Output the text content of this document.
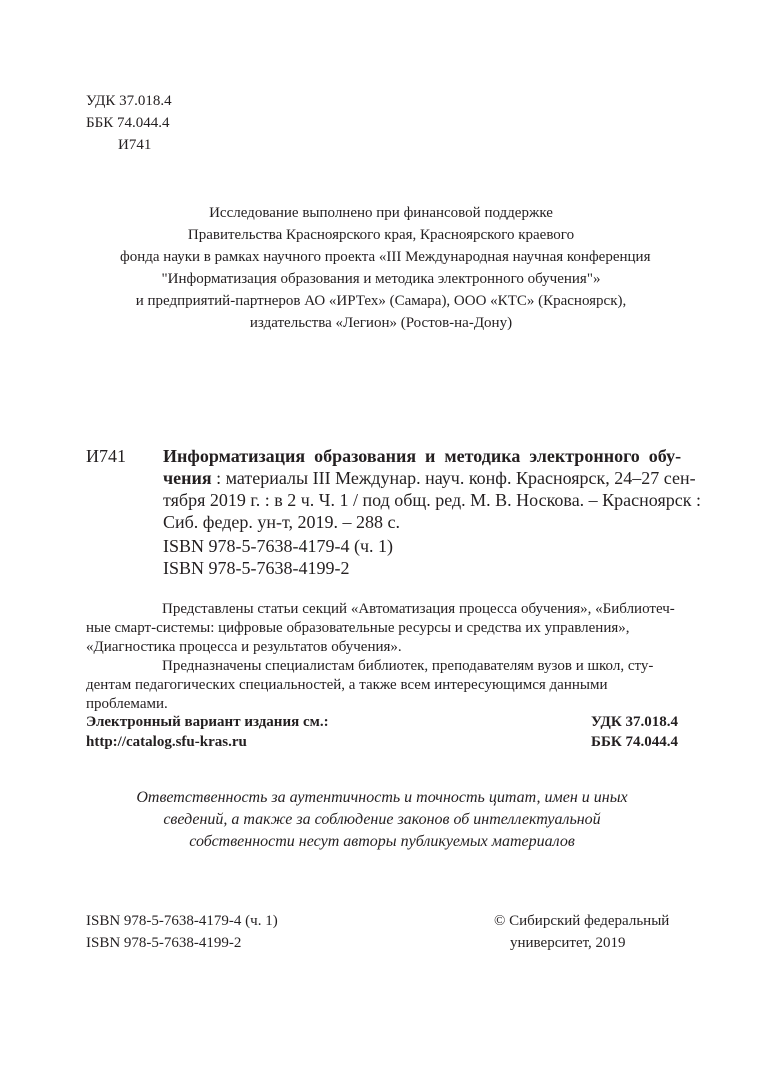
УДК 37.018.4
ББК 74.044.4
И741
Исследование выполнено при финансовой поддержке
Правительства Красноярского края, Красноярского краевого
фонда науки в рамках научного проекта «III Международная научная конференция
"Информатизация образования и методика электронного обучения"»
и предприятий-партнеров АО «ИРТех» (Самара), ООО «КТС» (Красноярск),
издательства «Легион» (Ростов-на-Дону)
И741 Информатизация  образования  и  методика  электронного  обу-
чения : материалы III Междунар. науч. конф. Красноярск, 24–27 сен-
тября 2019 г. : в 2 ч. Ч. 1 / под общ. ред. М. В. Носкова. – Красноярск :
Сиб. федер. ун-т, 2019. – 288 с.
ISBN 978-5-7638-4179-4 (ч. 1)
ISBN 978-5-7638-4199-2
Представлены статьи секций «Автоматизация процесса обучения», «Библиотеч-
ные смарт-системы: цифровые образовательные ресурсы и средства их управления»,
«Диагностика процесса и результатов обучения».
Предназначены специалистам библиотек, преподавателям вузов и школ, сту-
дентам педагогических специальностей, а также всем интересующимся данными
проблемами.
Электронный вариант издания см.:	УДК 37.018.4
http://catalog.sfu-kras.ru	ББК 74.044.4
Ответственность за аутентичность и точность цитат, имен и иных
сведений, а также за соблюдение законов об интеллектуальной
собственности несут авторы публикуемых материалов
ISBN 978-5-7638-4179-4 (ч. 1)
ISBN 978-5-7638-4199-2
© Сибирский федеральный
университет, 2019
